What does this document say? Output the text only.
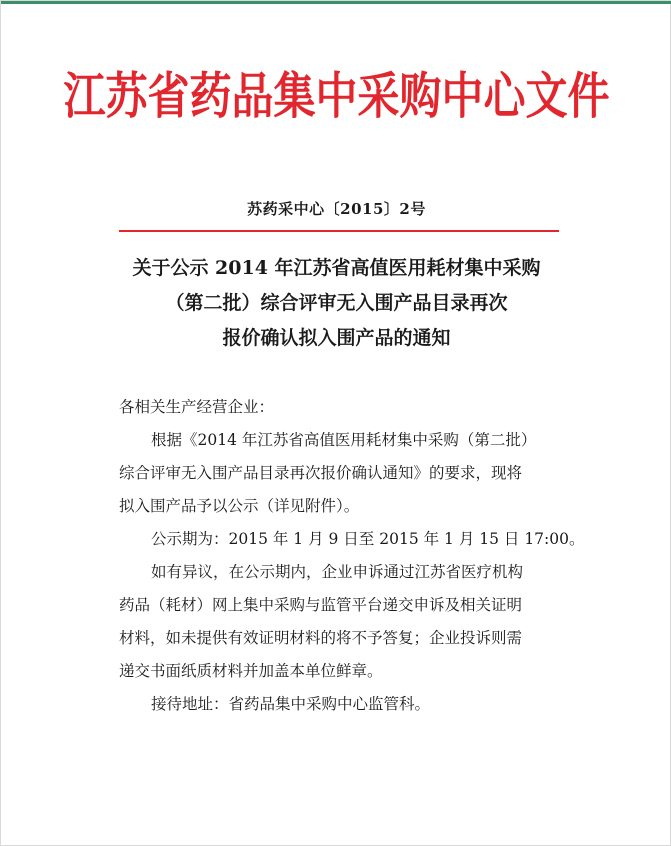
江苏省药品集中采购中心文件
苏药采中心〔2015〕2号
关于公示 2014 年江苏省高值医用耗材集中采购
（第二批）综合评审无入围产品目录再次
报价确认拟入围产品的通知

各相关生产经营企业：

根据《2014 年江苏省高值医用耗材集中采购（第二批）

综合评审无入围产品目录再次报价确认通知》的要求，现将

拟入围产品予以公示（详见附件）。

公示期为：2015 年 1 月 9 日至 2015 年 1 月 15 日 17:00。

如有异议，在公示期内，企业申诉通过江苏省医疗机构

药品（耗材）网上集中采购与监管平台递交申诉及相关证明

材料，如未提供有效证明材料的将不予答复；企业投诉则需

递交书面纸质材料并加盖本单位鲜章。

接待地址：省药品集中采购中心监管科。
